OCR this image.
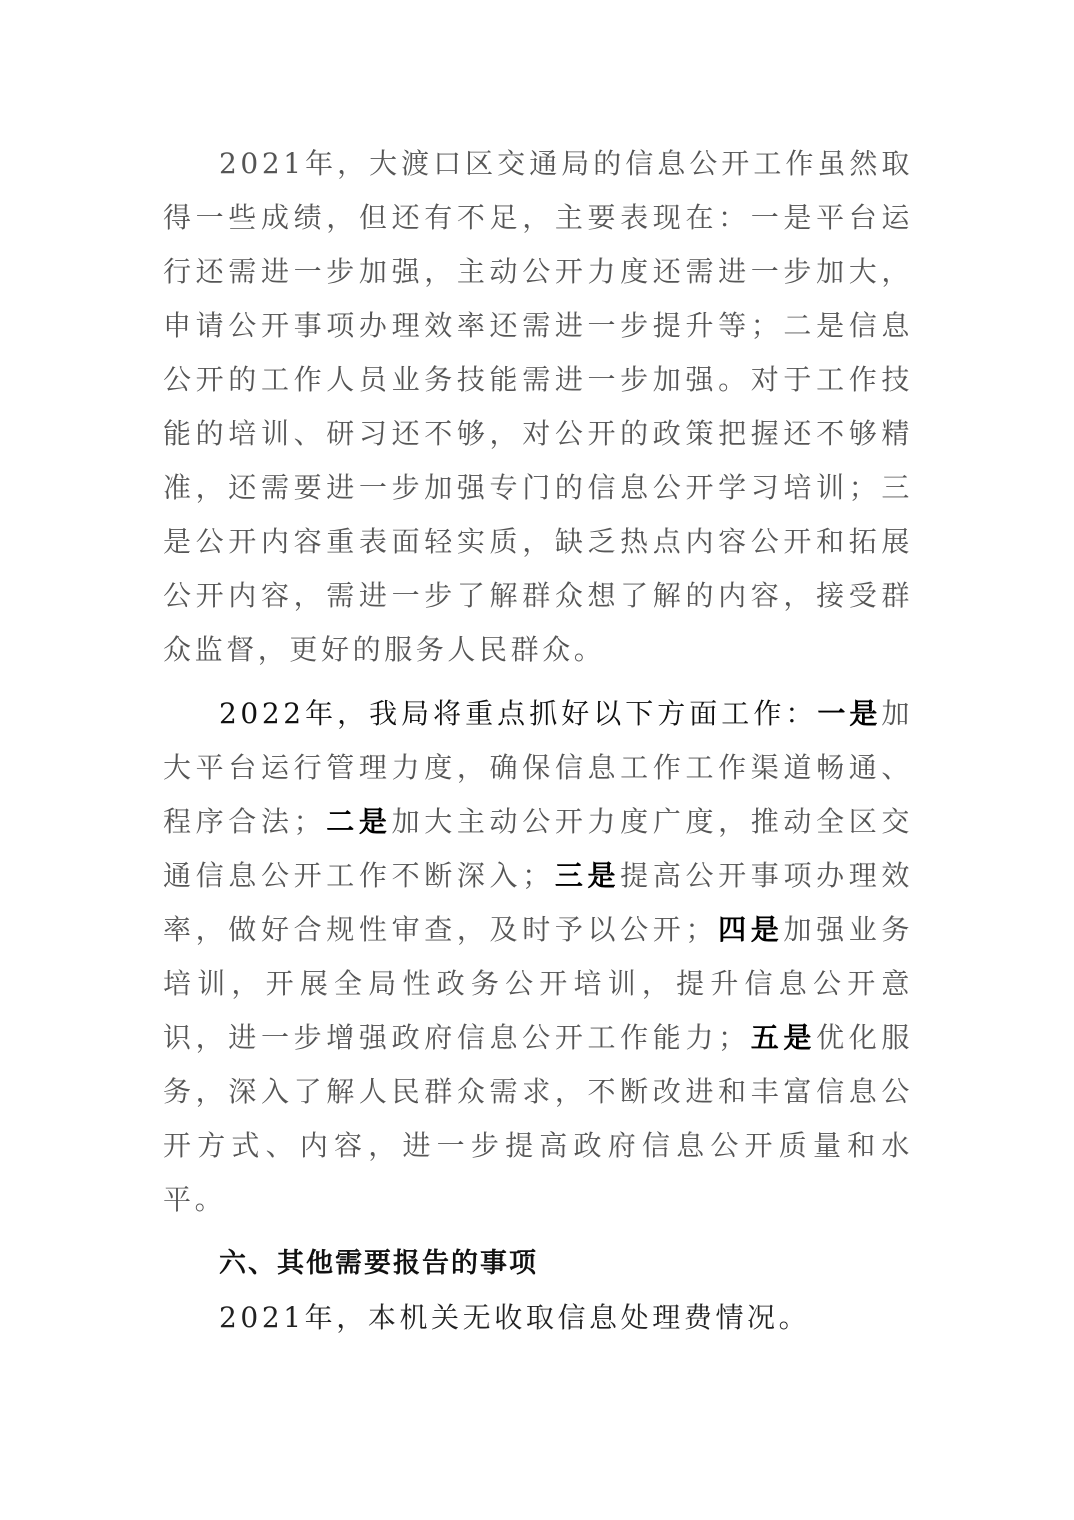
2021年，大渡口区交通局的信息公开工作虽然取得一些成绩，但还有不足，主要表现在：一是平台运行还需进一步加强，主动公开力度还需进一步加大，申请公开事项办理效率还需进一步提升等；二是信息公开的工作人员业务技能需进一步加强。对于工作技能的培训、研习还不够，对公开的政策把握还不够精准，还需要进一步加强专门的信息公开学习培训；三是公开内容重表面轻实质，缺乏热点内容公开和拓展公开内容，需进一步了解群众想了解的内容，接受群众监督，更好的服务人民群众。

2022年，我局将重点抓好以下方面工作：一是加大平台运行管理力度，确保信息工作工作渠道畅通、程序合法；二是加大主动公开力度广度，推动全区交通信息公开工作不断深入；三是提高公开事项办理效率，做好合规性审查，及时予以公开；四是加强业务培训，开展全局性政务公开培训，提升信息公开意识，进一步增强政府信息公开工作能力；五是优化服务，深入了解人民群众需求，不断改进和丰富信息公开方式、内容，进一步提高政府信息公开质量和水平。

六、其他需要报告的事项

2021年，本机关无收取信息处理费情况。
